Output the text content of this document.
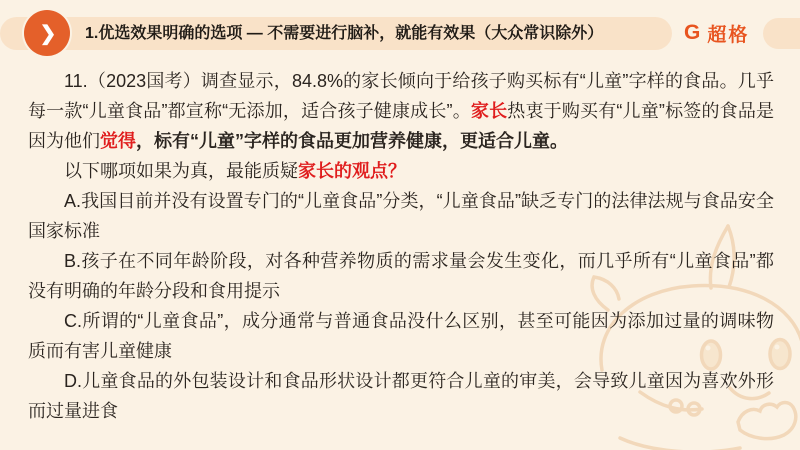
1.优选效果明确的选项 — 不需要进行脑补，就能有效果（大众常识除外）
❯	G 超格

11.（2023国考）调查显示，84.8%的家长倾向于给孩子购买标有“儿童”字样的食品。几乎每一款“儿童食品”都宣称“无添加，适合孩子健康成长”。家长热衷于购买有“儿童”标签的食品是因为他们觉得，标有“儿童”字样的食品更加营养健康，更适合儿童。

以下哪项如果为真，最能质疑家长的观点？

A.我国目前并没有设置专门的“儿童食品”分类，“儿童食品”缺乏专门的法律法规与食品安全国家标准

B.孩子在不同年龄阶段，对各种营养物质的需求量会发生变化，而几乎所有“儿童食品”都没有明确的年龄分段和食用提示

C.所谓的“儿童食品”，成分通常与普通食品没什么区别，甚至可能因为添加过量的调味物质而有害儿童健康

D.儿童食品的外包装设计和食品形状设计都更符合儿童的审美，会导致儿童因为喜欢外形而过量进食
